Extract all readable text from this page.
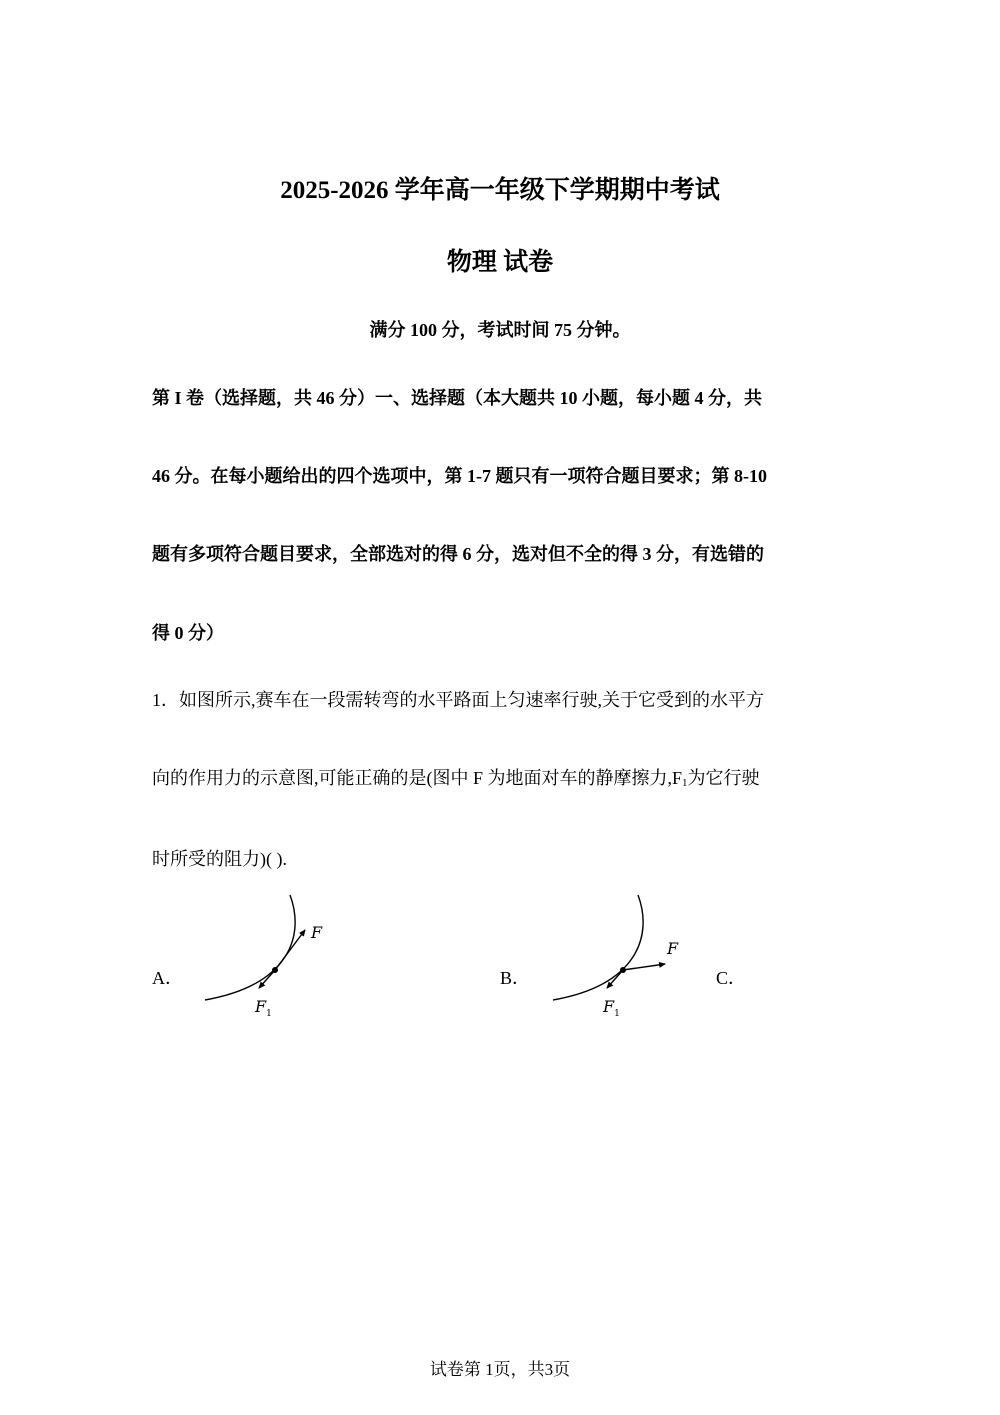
2025-2026 学年高一年级下学期期中考试
物理 试卷
满分 100 分，考试时间 75 分钟。
第 I 卷（选择题，共 46 分）一、选择题（本大题共 10 小题，每小题 4 分，共
46 分。在每小题给出的四个选项中，第 1-7 题只有一项符合题目要求；第 8-10
题有多项符合题目要求，全部选对的得 6 分，选对但不全的得 3 分，有选错的
得 0 分）
1．如图所示,赛车在一段需转弯的水平路面上匀速率行驶,关于它受到的水平方
向的作用力的示意图,可能正确的是(图中 F 为地面对车的静摩擦力$,F_1$为它行驶
时所受的阻力)( ).
A．	B．	C．
F
$F_1$
F
$F_1$
试卷第 1页，共3页
